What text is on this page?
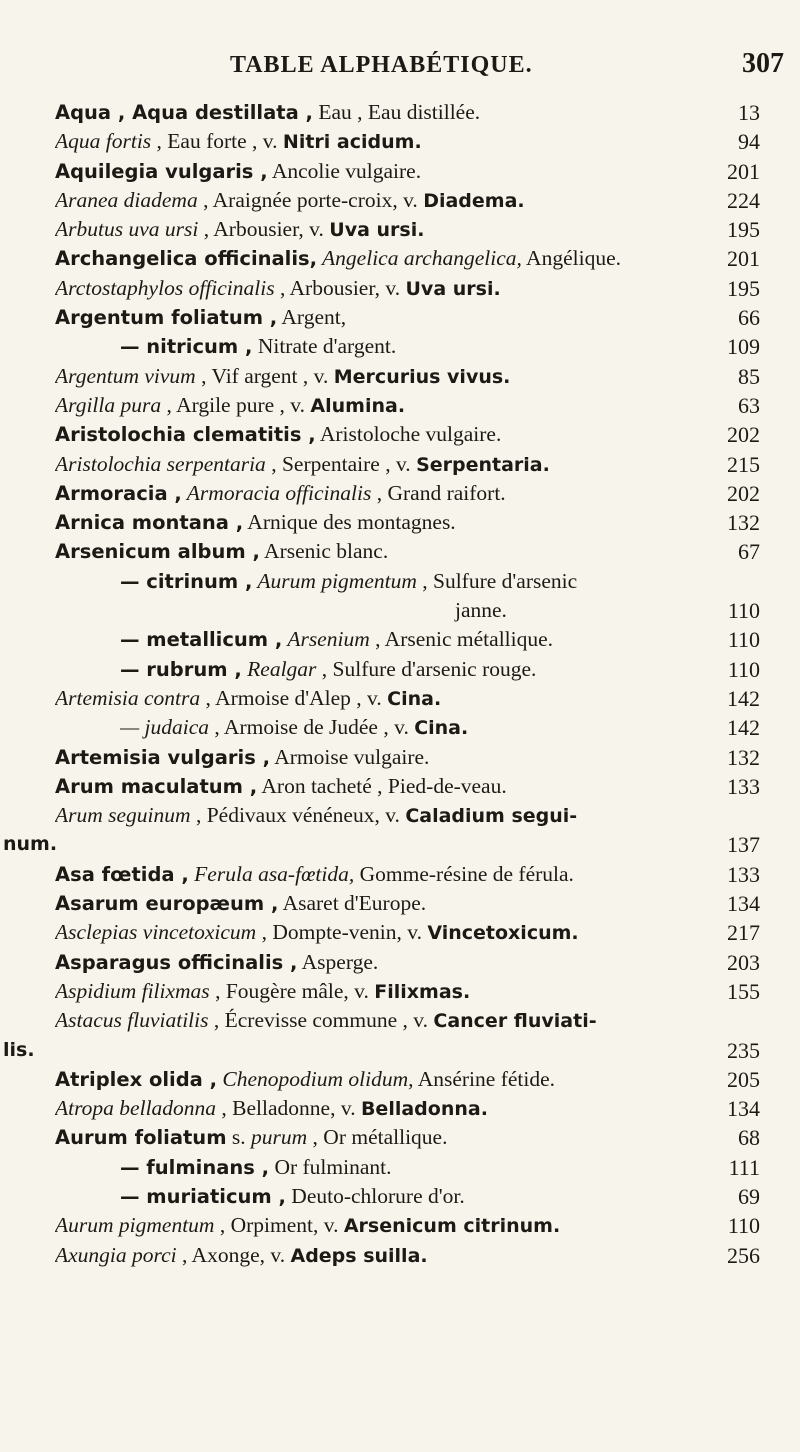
TABLE ALPHABÉTIQUE.	307
Aqua , Aqua destillata , Eau , Eau distillée.	13
Aqua fortis , Eau forte , v. Nitri acidum.	94
Aquilegia vulgaris , Ancolie vulgaire.	201
Aranea diadema , Araignée porte-croix, v. Diadema.	224
Arbutus uva ursi , Arbousier, v. Uva ursi.	195
Archangelica officinalis, Angelica archangelica, Angélique.	201
Arctostaphylos officinalis , Arbousier, v. Uva ursi.	195
Argentum foliatum , Argent,	66
— nitricum , Nitrate d'argent.	109
Argentum vivum , Vif argent , v. Mercurius vivus.	85
Argilla pura , Argile pure , v. Alumina.	63
Aristolochia clematitis , Aristoloche vulgaire.	202
Aristolochia serpentaria , Serpentaire , v. Serpentaria.	215
Armoracia , Armoracia officinalis , Grand raifort.	202
Arnica montana , Arnique des montagnes.	132
Arsenicum album , Arsenic blanc.	67
— citrinum , Aurum pigmentum , Sulfure d'arsenic
janne.	110
— metallicum , Arsenium , Arsenic métallique.	110
— rubrum , Realgar , Sulfure d'arsenic rouge.	110
Artemisia contra , Armoise d'Alep , v. Cina.	142
— judaica , Armoise de Judée , v. Cina.	142
Artemisia vulgaris , Armoise vulgaire.	132
Arum maculatum , Aron tacheté , Pied-de-veau.	133
Arum seguinum , Pédivaux vénéneux, v. Caladium segui-
num.	137
Asa fœtida , Ferula asa-fœtida, Gomme-résine de férula.	133
Asarum europæum , Asaret d'Europe.	134
Asclepias vincetoxicum , Dompte-venin, v. Vincetoxicum.	217
Asparagus officinalis , Asperge.	203
Aspidium filixmas , Fougère mâle, v. Filixmas.	155
Astacus fluviatilis , Écrevisse commune , v. Cancer fluviati-
lis.	235
Atriplex olida , Chenopodium olidum, Ansérine fétide.	205
Atropa belladonna , Belladonne, v. Belladonna.	134
Aurum foliatum s. purum , Or métallique.	68
— fulminans , Or fulminant.	111
— muriaticum , Deuto-chlorure d'or.	69
Aurum pigmentum , Orpiment, v. Arsenicum citrinum.	110
Axungia porci , Axonge, v. Adeps suilla.	256
